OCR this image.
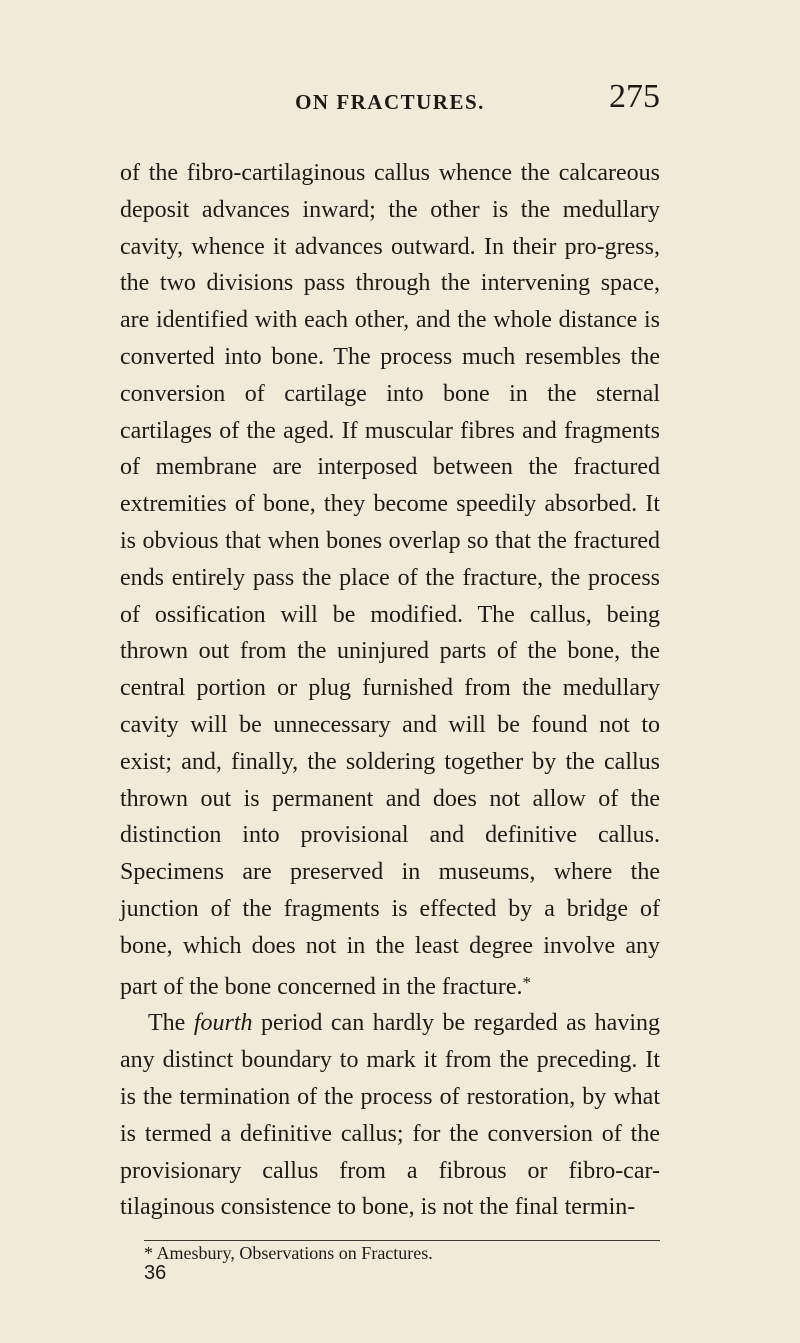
ON FRACTURES.	275

of the fibro-cartilaginous callus whence the calcareous deposit advances inward; the other is the medullary cavity, whence it advances outward. In their pro-gress, the two divisions pass through the intervening space, are identified with each other, and the whole distance is converted into bone. The process much resembles the conversion of cartilage into bone in the sternal cartilages of the aged. If muscular fibres and fragments of membrane are interposed between the fractured extremities of bone, they become speedily absorbed. It is obvious that when bones overlap so that the fractured ends entirely pass the place of the fracture, the process of ossification will be modified. The callus, being thrown out from the uninjured parts of the bone, the central portion or plug furnished from the medullary cavity will be unnecessary and will be found not to exist; and, finally, the soldering together by the callus thrown out is permanent and does not allow of the distinction into provisional and definitive callus. Specimens are preserved in museums, where the junction of the fragments is effected by a bridge of bone, which does not in the least degree involve any part of the bone concerned in the fracture.*

The fourth period can hardly be regarded as having any distinct boundary to mark it from the preceding. It is the termination of the process of restoration, by what is termed a definitive callus; for the conversion of the provisionary callus from a fibrous or fibro-car-tilaginous consistence to bone, is not the final termin-

* Amesbury, Observations on Fractures.
36
